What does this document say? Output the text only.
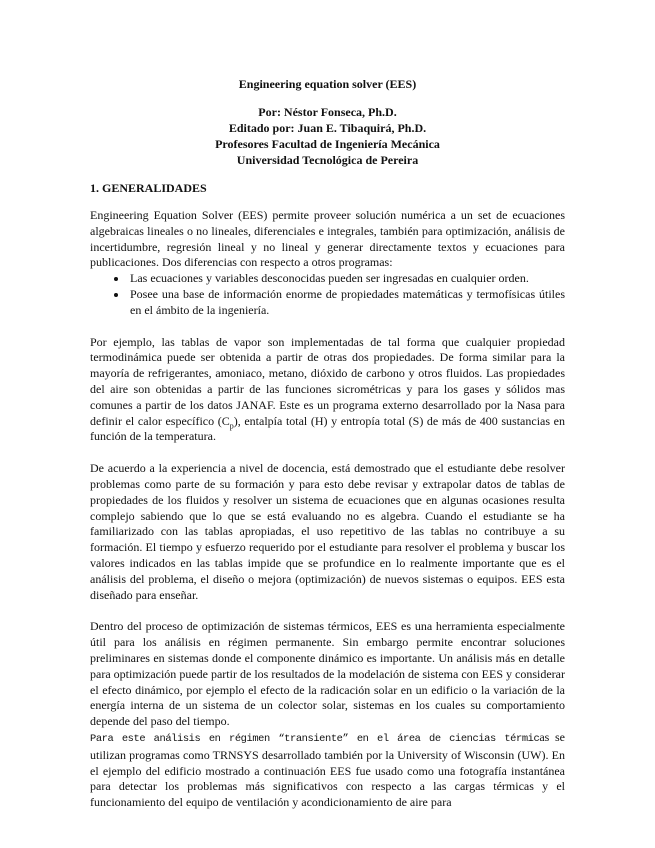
Engineering equation solver (EES)
Por: Néstor Fonseca, Ph.D.
Editado por: Juan E. Tibaquirá, Ph.D.
Profesores Facultad de Ingeniería Mecánica
Universidad Tecnológica de Pereira
1. GENERALIDADES

Engineering Equation Solver (EES) permite proveer solución numérica a un set de ecuaciones algebraicas lineales o no lineales, diferenciales e integrales, también para optimización, análisis de incertidumbre, regresión lineal y no lineal y generar directamente textos y ecuaciones para publicaciones. Dos diferencias con respecto a otros programas:

• Las ecuaciones y variables desconocidas pueden ser ingresadas en cualquier orden.
• Posee una base de información enorme de propiedades matemáticas y termofísicas útiles en el ámbito de la ingeniería.

Por ejemplo, las tablas de vapor son implementadas de tal forma que cualquier propiedad termodinámica puede ser obtenida a partir de otras dos propiedades. De forma similar para la mayoría de refrigerantes, amoniaco, metano, dióxido de carbono y otros fluidos. Las propiedades del aire son obtenidas a partir de las funciones sicrométricas y para los gases y sólidos mas comunes a partir de los datos JANAF. Este es un programa externo desarrollado por la Nasa para definir el calor específico $(C_p)$, entalpía total (H) y entropía total (S) de más de 400 sustancias en función de la temperatura.

De acuerdo a la experiencia a nivel de docencia, está demostrado que el estudiante debe resolver problemas como parte de su formación y para esto debe revisar y extrapolar datos de tablas de propiedades de los fluidos y resolver un sistema de ecuaciones que en algunas ocasiones resulta complejo sabiendo que lo que se está evaluando no es algebra. Cuando el estudiante se ha familiarizado con las tablas apropiadas, el uso repetitivo de las tablas no contribuye a su formación. El tiempo y esfuerzo requerido por el estudiante para resolver el problema y buscar los valores indicados en las tablas impide que se profundice en lo realmente importante que es el análisis del problema, el diseño o mejora (optimización) de nuevos sistemas o equipos. EES esta diseñado para enseñar.

Dentro del proceso de optimización de sistemas térmicos, EES es una herramienta especialmente útil para los análisis en régimen permanente. Sin embargo permite encontrar soluciones preliminares en sistemas donde el componente dinámico es importante. Un análisis más en detalle para optimización puede partir de los resultados de la modelación de sistema con EES y considerar el efecto dinámico, por ejemplo el efecto de la radicación solar en un edificio o la variación de la energía interna de un sistema de un colector solar, sistemas en los cuales su comportamiento depende del paso del tiempo.

Para este análisis en régimen “transiente” en el área de ciencias térmicas se utilizan programas como TRNSYS desarrollado también por la University of Wisconsin (UW). En el ejemplo del edificio mostrado a continuación EES fue usado como una fotografía instantánea para detectar los problemas más significativos con respecto a las cargas térmicas y el funcionamiento del equipo de ventilación y acondicionamiento de aire para
